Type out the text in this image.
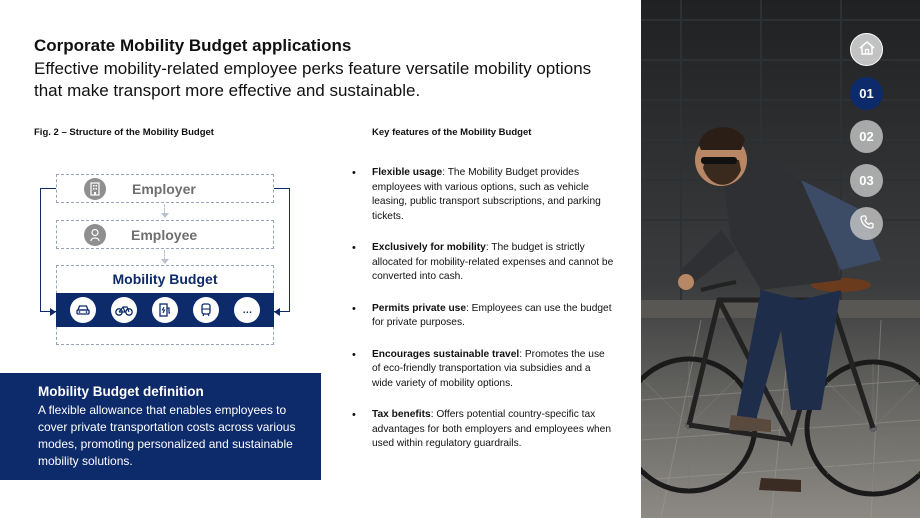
Corporate Mobility Budget applications
Effective mobility-related employee perks feature versatile mobility options that make transport more effective and sustainable.
Fig. 2 – Structure of the Mobility Budget	Key features of the Mobility Budget
Employer
Employee
Mobility Budget
…
Mobility Budget definition
A flexible allowance that enables employees to cover private transportation costs across various modes, promoting personalized and sustainable mobility solutions.
• Flexible usage: The Mobility Budget provides employees with various options, such as vehicle leasing, public transport subscriptions, and parking tickets.
• Exclusively for mobility: The budget is strictly allocated for mobility-related expenses and cannot be converted into cash.
• Permits private use: Employees can use the budget for private purposes.
• Encourages sustainable travel: Promotes the use of eco-friendly transportation via subsidies and a wide variety of mobility options.
• Tax benefits: Offers potential country-specific tax advantages for both employers and employees when used within regulatory guardrails.
01
02
03
